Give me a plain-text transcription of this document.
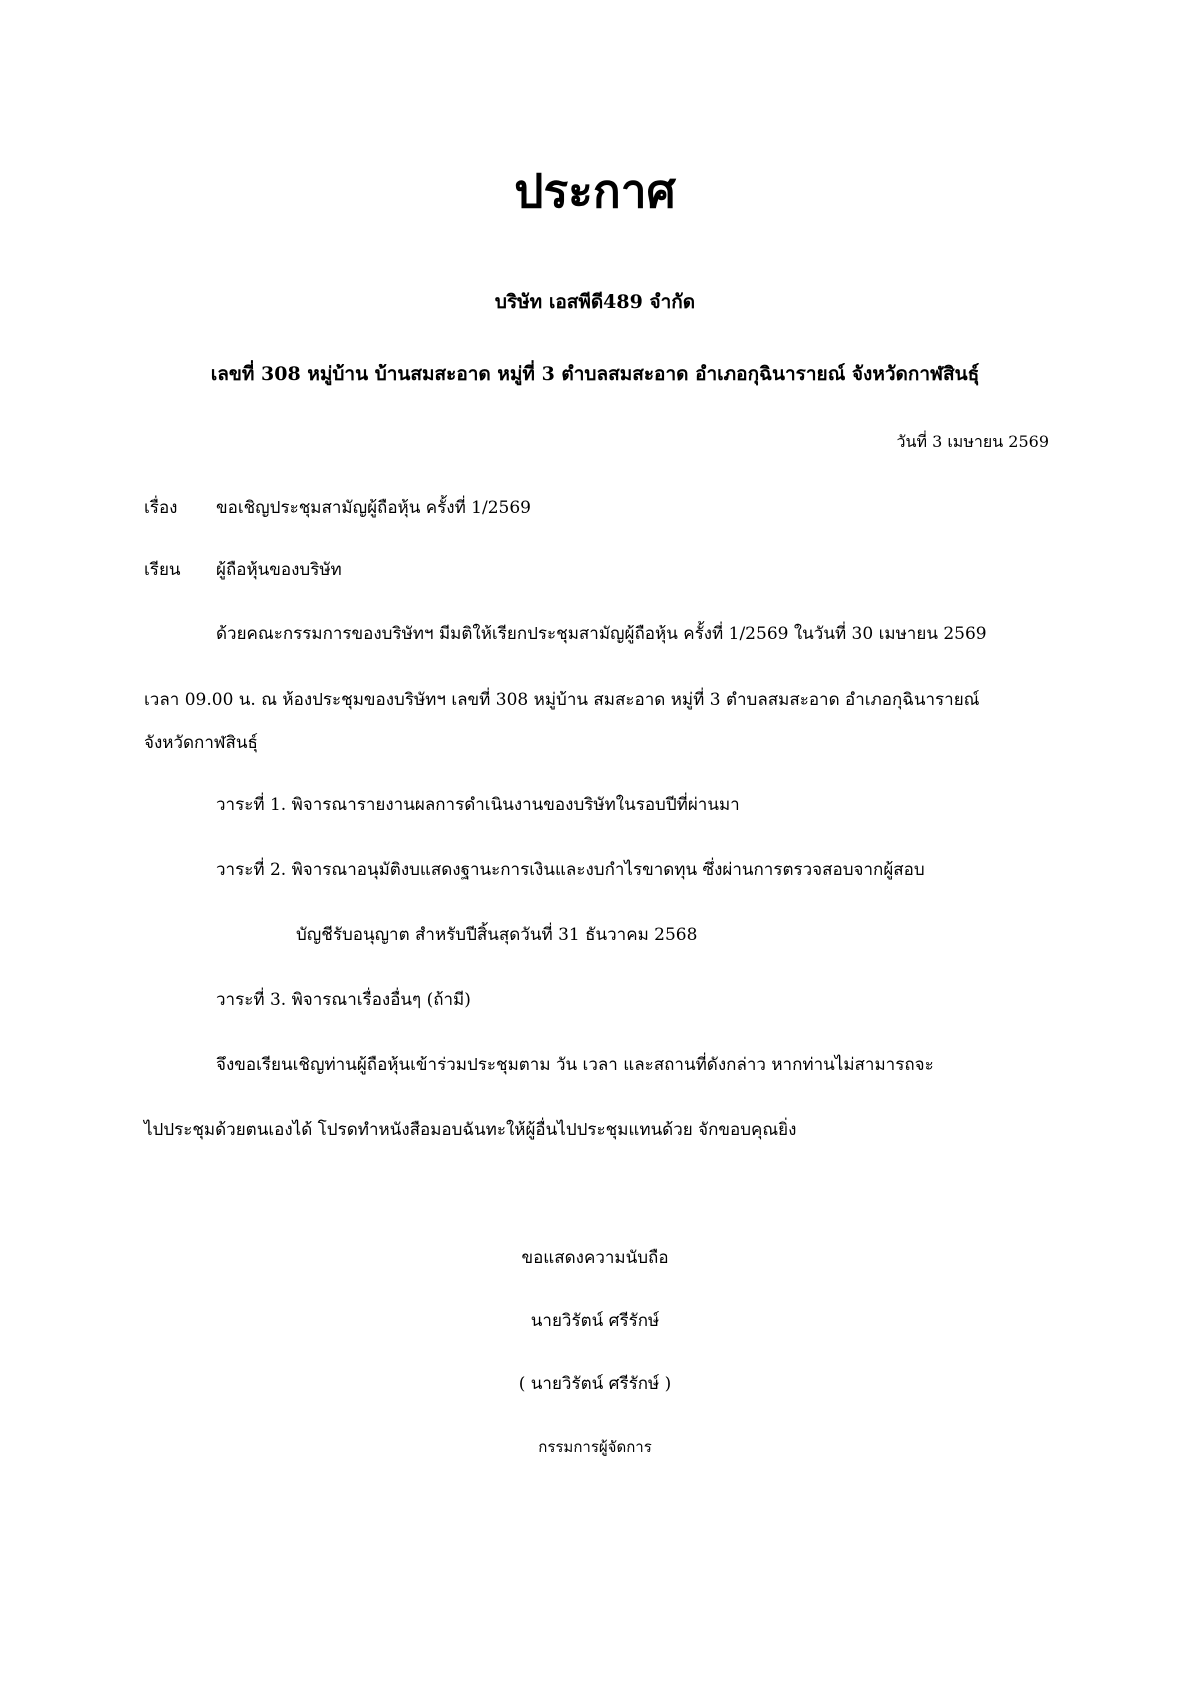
ประกาศ
บริษัท เอสพีดี489 จำกัด
เลขที่ 308 หมู่บ้าน บ้านสมสะอาด หมู่ที่ 3 ตำบลสมสะอาด อำเภอกุฉินารายณ์ จังหวัดกาฬสินธุ์
วันที่ 3 เมษายน 2569
เรื่อง ขอเชิญประชุมสามัญผู้ถือหุ้น ครั้งที่ 1/2569
เรียน ผู้ถือหุ้นของบริษัท
ด้วยคณะกรรมการของบริษัทฯ มีมติให้เรียกประชุมสามัญผู้ถือหุ้น ครั้งที่ 1/2569 ในวันที่ 30 เมษายน 2569
เวลา 09.00 น. ณ ห้องประชุมของบริษัทฯ เลขที่ 308 หมู่บ้าน สมสะอาด หมู่ที่ 3 ตำบลสมสะอาด อำเภอกุฉินารายณ์
จังหวัดกาฬสินธุ์
วาระที่ 1. พิจารณารายงานผลการดำเนินงานของบริษัทในรอบปีที่ผ่านมา
วาระที่ 2. พิจารณาอนุมัติงบแสดงฐานะการเงินและงบกำไรขาดทุน ซึ่งผ่านการตรวจสอบจากผู้สอบ
บัญชีรับอนุญาต สำหรับปีสิ้นสุดวันที่ 31 ธันวาคม 2568
วาระที่ 3. พิจารณาเรื่องอื่นๆ (ถ้ามี)
จึงขอเรียนเชิญท่านผู้ถือหุ้นเข้าร่วมประชุมตาม วัน เวลา และสถานที่ดังกล่าว หากท่านไม่สามารถจะ
ไปประชุมด้วยตนเองได้ โปรดทำหนังสือมอบฉันทะให้ผู้อื่นไปประชุมแทนด้วย จักขอบคุณยิ่ง
ขอแสดงความนับถือ
นายวิรัตน์ ศรีรักษ์
( นายวิรัตน์ ศรีรักษ์ )
กรรมการผู้จัดการ
